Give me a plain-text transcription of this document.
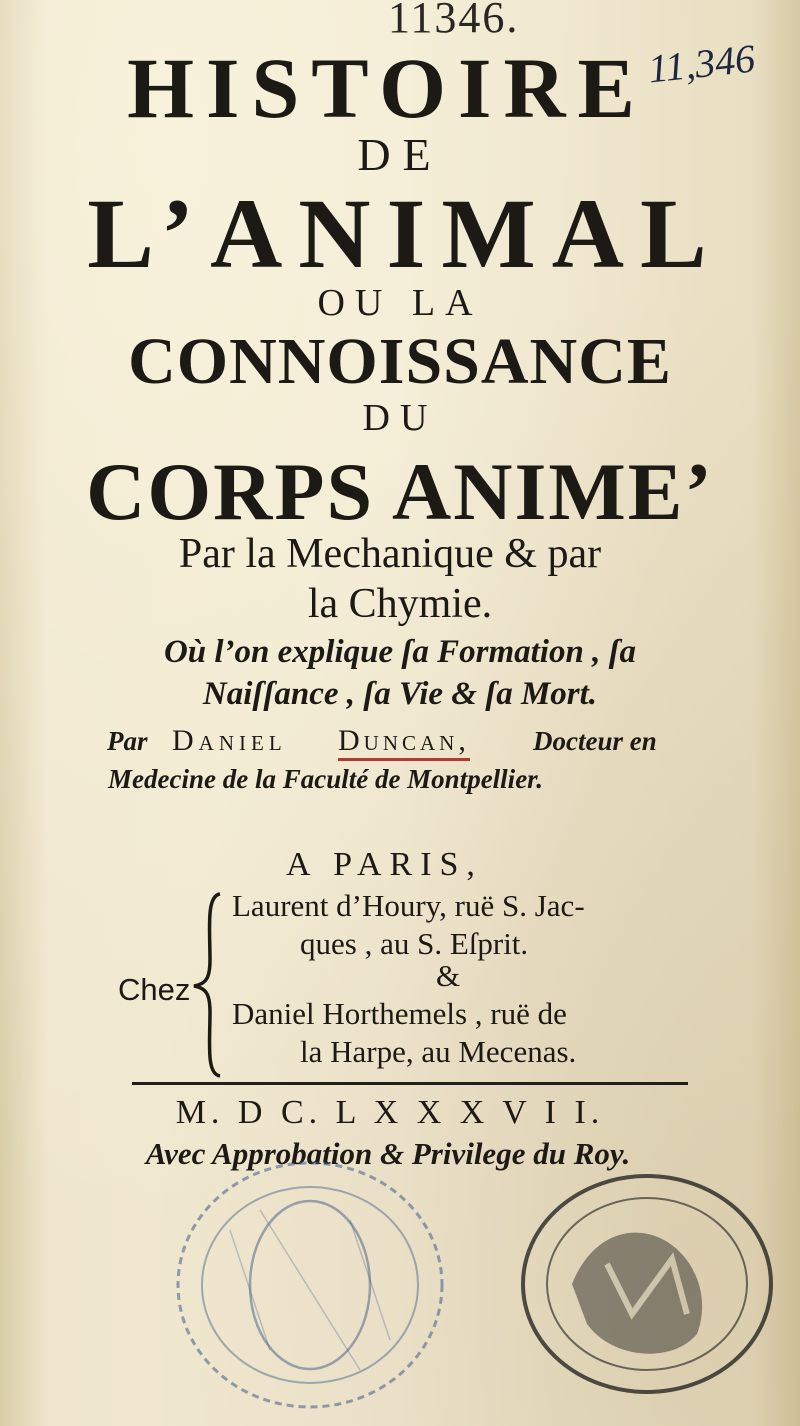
11346.
11,346
HISTOIRE
DE
L’ANIMAL
OU LA
CONNOISSANCE
DU
CORPS ANIME’
Par la Mechanique & par
la Chymie.
Où l’on explique ſa Formation , ſa
Naiſſance , ſa Vie & ſa Mort.
Par Daniel Duncan, Docteur en
Medecine de la Faculté de Montpellier.
A PARIS,
Chez
Laurent d’Houry, ruë S. Jac-
ques , au S. Eſprit.
&
Daniel Horthemels , ruë de
la Harpe, au Mecenas.
M. D C. L X X X V I I.
Avec Approbation & Privilege du Roy.
